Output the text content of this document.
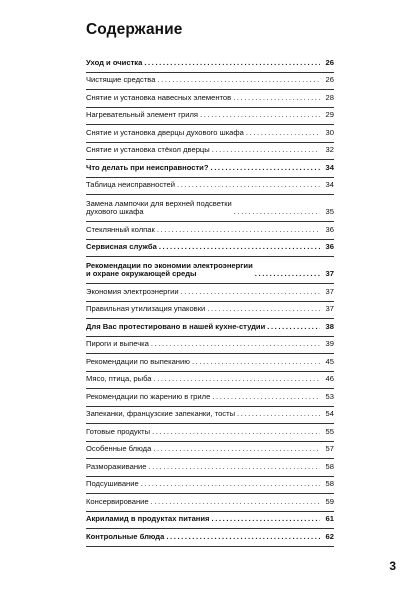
Содержание
Уход и очистка .....	26
Чистящие средства .....	26
Снятие и установка навесных элементов .....	28
Нагревательный элемент гриля .....	29
Снятие и установка дверцы духового шкафа .....	30
Снятие и установка стёкол дверцы .....	32
Что делать при неисправности? .....	34
Таблица неисправностей .....	34
Замена лампочки для верхней подсветки
духового шкафа .....	35
Стеклянный колпак .....	36
Сервисная служба .....	36
Рекомендации по экономии электроэнергии
и охране окружающей среды .....	37
Экономия электроэнергии .....	37
Правильная утилизация упаковки .....	37
Для Вас протестировано в нашей кухне-студии .....	38
Пироги и выпечка .....	39
Рекомендации по выпеканию .....	45
Мясо, птица, рыба .....	46
Рекомендации по жарению в гриле .....	53
Запеканки, французские запеканки, тосты .....	54
Готовые продукты .....	55
Особенные блюда .....	57
Размораживание .....	58
Подсушивание .....	58
Консервирование .....	59
Акриламид в продуктах питания .....	61
Контрольные блюда .....	62
3
